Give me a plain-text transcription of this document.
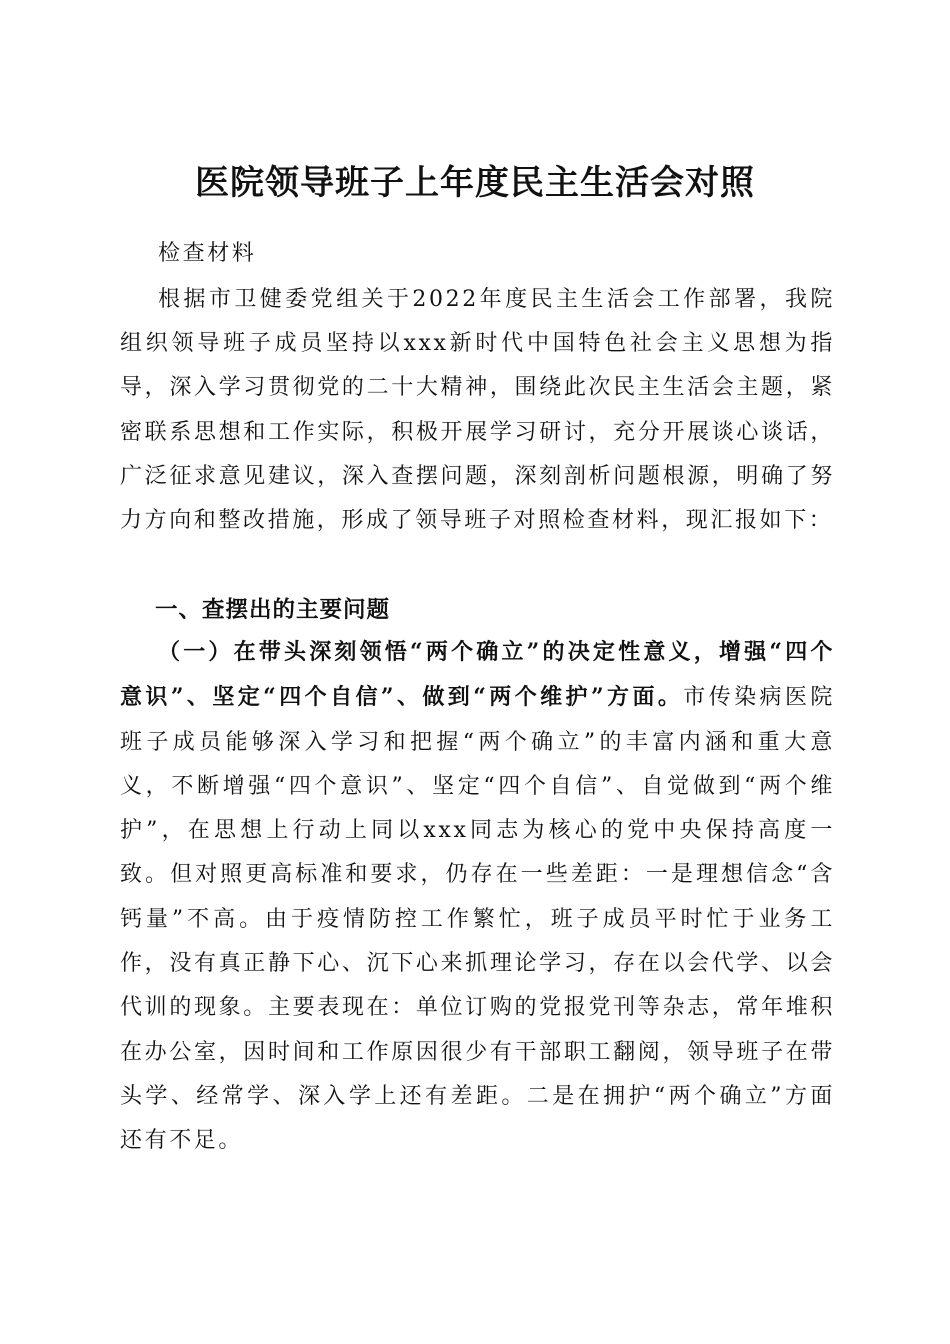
医院领导班子上年度民主生活会对照

检查材料

根据市卫健委党组关于2022年度民主生活会工作部署，我院组织领导班子成员坚持以xxx新时代中国特色社会主义思想为指导，深入学习贯彻党的二十大精神，围绕此次民主生活会主题，紧密联系思想和工作实际，积极开展学习研讨，充分开展谈心谈话，广泛征求意见建议，深入查摆问题，深刻剖析问题根源，明确了努力方向和整改措施，形成了领导班子对照检查材料，现汇报如下：

一、查摆出的主要问题

（一）在带头深刻领悟“两个确立”的决定性意义，增强“四个意识”、坚定“四个自信”、做到“两个维护”方面。市传染病医院班子成员能够深入学习和把握“两个确立”的丰富内涵和重大意义，不断增强“四个意识”、坚定“四个自信”、自觉做到“两个维护”，在思想上行动上同以xxx同志为核心的党中央保持高度一致。但对照更高标准和要求，仍存在一些差距：一是理想信念“含钙量”不高。由于疫情防控工作繁忙，班子成员平时忙于业务工作，没有真正静下心、沉下心来抓理论学习，存在以会代学、以会代训的现象。主要表现在：单位订购的党报党刊等杂志，常年堆积在办公室，因时间和工作原因很少有干部职工翻阅，领导班子在带头学、经常学、深入学上还有差距。二是在拥护“两个确立”方面还有不足。
